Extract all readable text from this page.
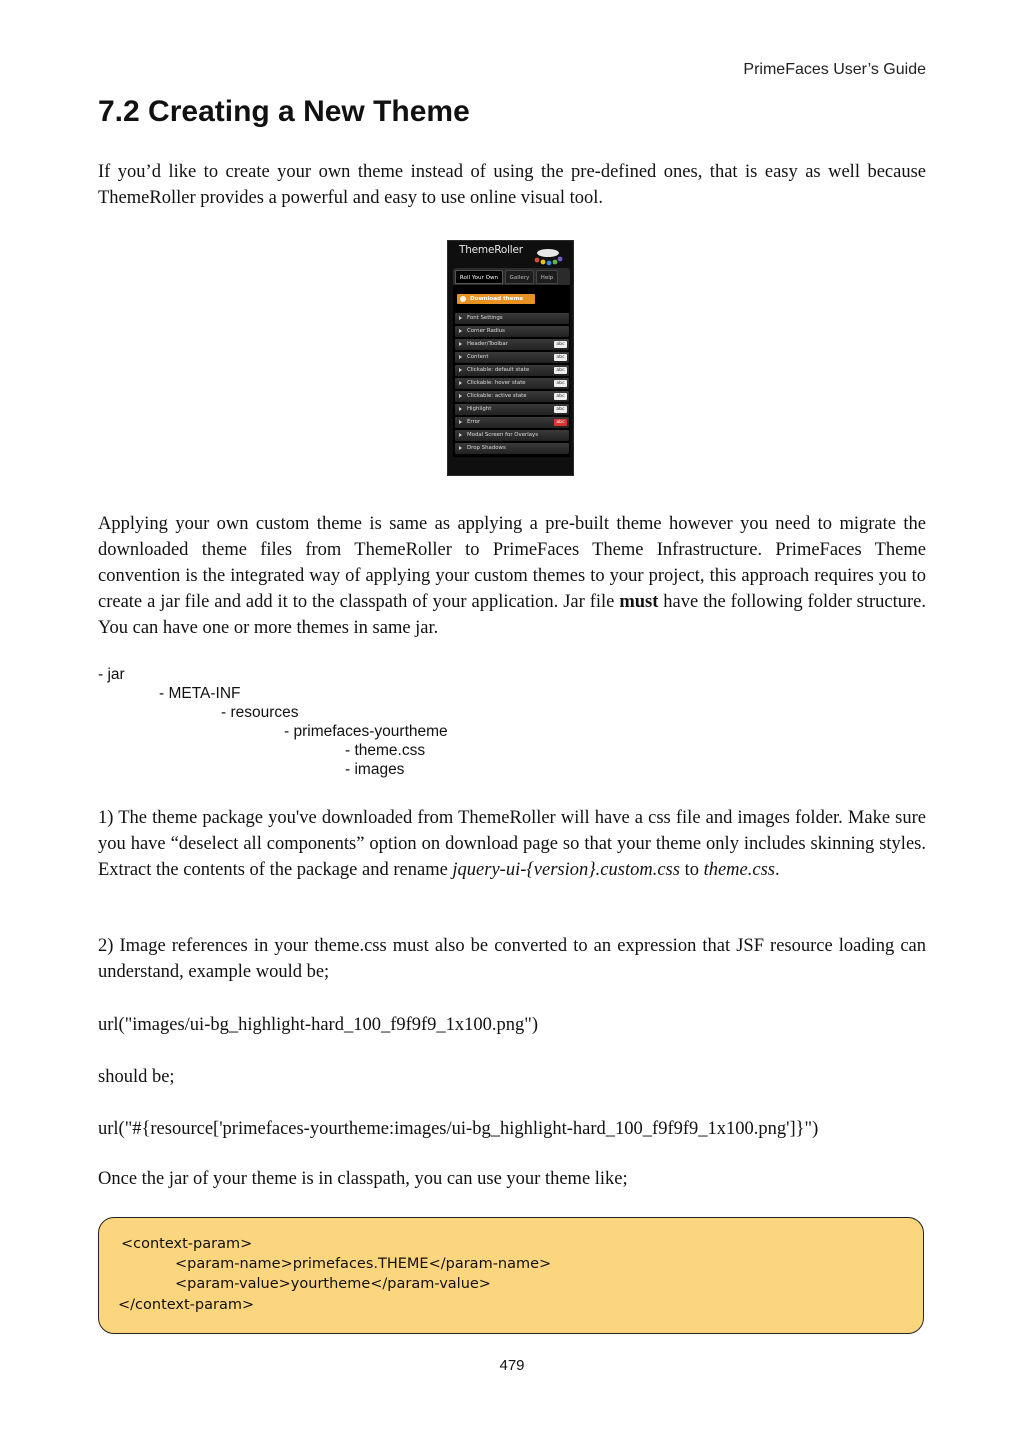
PrimeFaces User’s Guide
7.2 Creating a New Theme

If you’d like to create your own theme instead of using the pre-defined ones, that is easy as well because ThemeRoller provides a powerful and easy to use online visual tool.

ThemeRoller
Roll Your Own	Gallery	Help
Download theme
Font Settings
Corner Radius
Header/Toolbar	abc
Content	abc
Clickable: default state	abc
Clickable: hover state	abc
Clickable: active state	abc
Highlight	abc
Error	abc
Modal Screen for Overlays
Drop Shadows

Applying your own custom theme is same as applying a pre-built theme however you need to migrate the downloaded theme files from ThemeRoller to PrimeFaces Theme Infrastructure. PrimeFaces Theme convention is the integrated way of applying your custom themes to your project, this approach requires you to create a jar file and add it to the classpath of your application. Jar file must have the following folder structure. You can have one or more themes in same jar.

- jar
- META-INF
- resources
- primefaces-yourtheme
- theme.css
- images

1) The theme package you've downloaded from ThemeRoller will have a css file and images folder. Make sure you have “deselect all components” option on download page so that your theme only includes skinning styles. Extract the contents of the package and rename jquery-ui-{version}.custom.css to theme.css.

2) Image references in your theme.css must also be converted to an expression that JSF resource loading can understand, example would be;

url("images/ui-bg_highlight-hard_100_f9f9f9_1x100.png")

should be;

url("#{resource['primefaces-yourtheme:images/ui-bg_highlight-hard_100_f9f9f9_1x100.png']}")

Once the jar of your theme is in classpath, you can use your theme like;

<context-param>
<param-name>primefaces.THEME</param-name>
<param-value>yourtheme</param-value>
</context-param>
479
